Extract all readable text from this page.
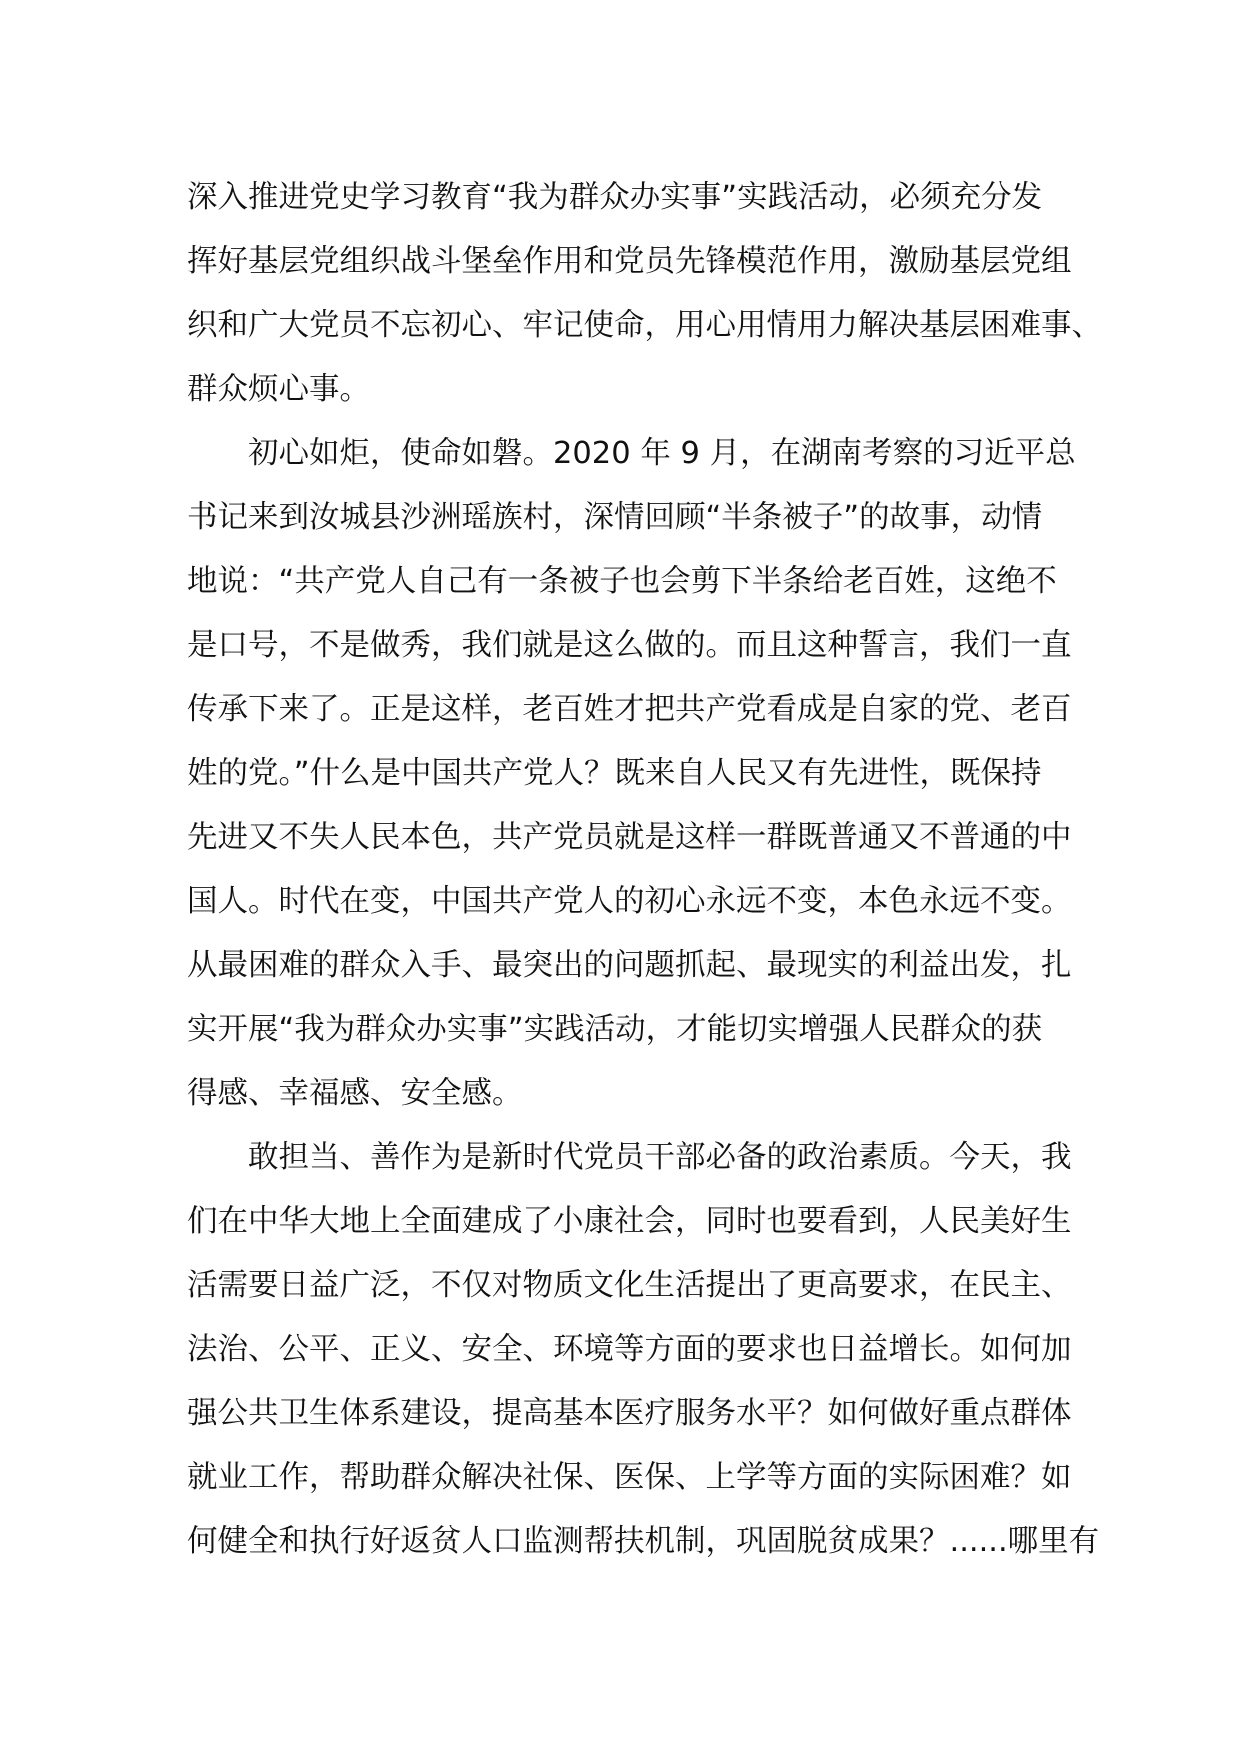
深入推进党史学习教育“我为群众办实事”实践活动，必须充分发
挥好基层党组织战斗堡垒作用和党员先锋模范作用，激励基层党组
织和广大党员不忘初心、牢记使命，用心用情用力解决基层困难事、
群众烦心事。
初心如炬，使命如磐。2020 年 9 月，在湖南考察的习近平总
书记来到汝城县沙洲瑶族村，深情回顾“半条被子”的故事，动情
地说：“共产党人自己有一条被子也会剪下半条给老百姓，这绝不
是口号，不是做秀，我们就是这么做的。而且这种誓言，我们一直
传承下来了。正是这样，老百姓才把共产党看成是自家的党、老百
姓的党。”什么是中国共产党人？既来自人民又有先进性，既保持
先进又不失人民本色，共产党员就是这样一群既普通又不普通的中
国人。时代在变，中国共产党人的初心永远不变，本色永远不变。
从最困难的群众入手、最突出的问题抓起、最现实的利益出发，扎
实开展“我为群众办实事”实践活动，才能切实增强人民群众的获
得感、幸福感、安全感。
敢担当、善作为是新时代党员干部必备的政治素质。今天，我
们在中华大地上全面建成了小康社会，同时也要看到，人民美好生
活需要日益广泛，不仅对物质文化生活提出了更高要求，在民主、
法治、公平、正义、安全、环境等方面的要求也日益增长。如何加
强公共卫生体系建设，提高基本医疗服务水平？如何做好重点群体
就业工作，帮助群众解决社保、医保、上学等方面的实际困难？如
何健全和执行好返贫人口监测帮扶机制，巩固脱贫成果？......哪里有
